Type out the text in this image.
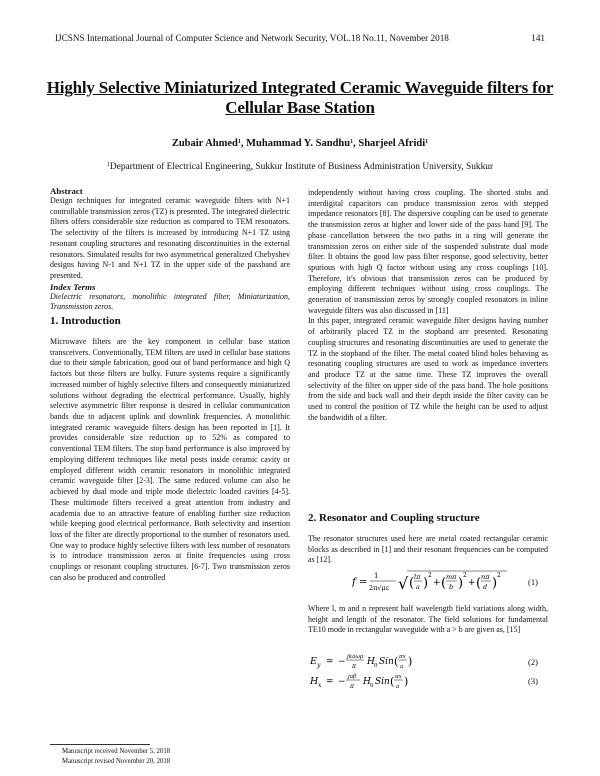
IJCSNS International Journal of Computer Science and Network Security, VOL.18 No.11, November 2018	141
Highly Selective Miniaturized Integrated Ceramic Waveguide filters for Cellular Base Station
Zubair Ahmed$^1$, Muhammad Y. Sandhu$^1$, Sharjeel Afridi$^1$
$^1$Department of Electrical Engineering, Sukkur Institute of Business Administration University, Sukkur
Abstract

Design techniques for integrated ceramic waveguide filters with N+1 controllable transmission zeros (TZ) is presented. The integrated dielectric filters offers considerable size reduction as compared to TEM resonators. The selectivity of the filters is increased by introducing N+1 TZ using resonant coupling structures and resonating discontinuities in the external resonators. Simulated results for two asymmetrical generalized Chebyshev designs having N-1 and N+1 TZ in the upper side of the passband are presented.

Index Terms

Dielectric resonators, monolithic integrated filter, Miniaturization, Transmission zeros.

1. Introduction

Microwave filters are the key component in cellular base station transceivers. Conventionally, TEM filters are used in cellular base stations due to their simple fabrication, good out of band performance and high Q factors but these filters are bulky. Future systems require a significantly increased number of highly selective filters and consequently miniaturized solutions without degrading the electrical performance. Usually, highly selective asymmetric filter response is desired in cellular communication bands due to adjacent uplink and downlink frequencies. A monolithic integrated ceramic waveguide filters design has been reported in [1]. It provides considerable size reduction up to 52% as compared to conventional TEM filters. The stop band performance is also improved by employing different techniques like metal posts inside ceramic cavity or employed different width ceramic resonators in monolithic integrated ceramic waveguide filter [2-3]. The same reduced volume can also be achieved by dual mode and triple mode dielectric loaded cavities [4-5]. These multimode filters received a great attention from industry and academia due to an attractive feature of enabling further size reduction while keeping good electrical performance. Both selectivity and insertion loss of the filter are directly proportional to the number of resonators used. One way to produce highly selective filters with less number of resonators is to introduce transmission zeros at finite frequencies using cross couplings or resonant coupling structures. [6-7]. Two transmission zeros can also be produced and controlled

independently without having cross coupling. The shorted stubs and interdigital capacitors can produce transmission zeros with stepped impedance resonators [8]. The dispersive coupling can be used to generate the transmission zeros at higher and lower side of the pass band [9]. The phase cancellation between the two paths in a ring will generate the transmission zeros on either side of the suspended substrate dual mode filter. It obtains the good low pass filter response, good selectivity, better spurious with high Q factor without using any cross couplings [10]. Therefore, it's obvious that transmission zeros can be produced by employing different techniques without using cross couplings. The generation of transmission zeros by strongly coupled resonators in inline waveguide filters was also discussed in [11]

In this paper, integrated ceramic waveguide filter designs having number of arbitrarily placed TZ in the stopband are presented. Resonating coupling structures and resonating discontinuities are used to generate the TZ in the stopband of the filter. The metal coated blind holes behaving as resonating coupling structures are used to work as impedance inverters and produce TZ at the same time. These TZ improves the overall selectivity of the filter on upper side of the pass band. The hole positions from the side and back wall and their depth inside the filter cavity can be used to control the position of TZ while the height can be used to adjust the bandwidth of a filter.

2. Resonator and Coupling structure

The resonator structures used here are metal coated rectangular ceramic blocks as described in [1] and their resonant frequencies can be computed as [12].

f =
1
2π√με √ ( lπ
a )
2
+ ( mπ
b )
2
+ ( nπ
d )
2
(1)

Where l, m and n represent half wavelength field variations along width, height and length of the resonator. The field solutions for fundamental TE10 mode in rectangular waveguide with a > b are given as, [15]

E y = − jkaωμ
π H 0 Sin ( πx
a )	(2)
H x = − jaβ
π H 0 Sin ( πx
a )	(3)
Manuscript received November 5, 2018
Manuscript revised November 20, 2018
